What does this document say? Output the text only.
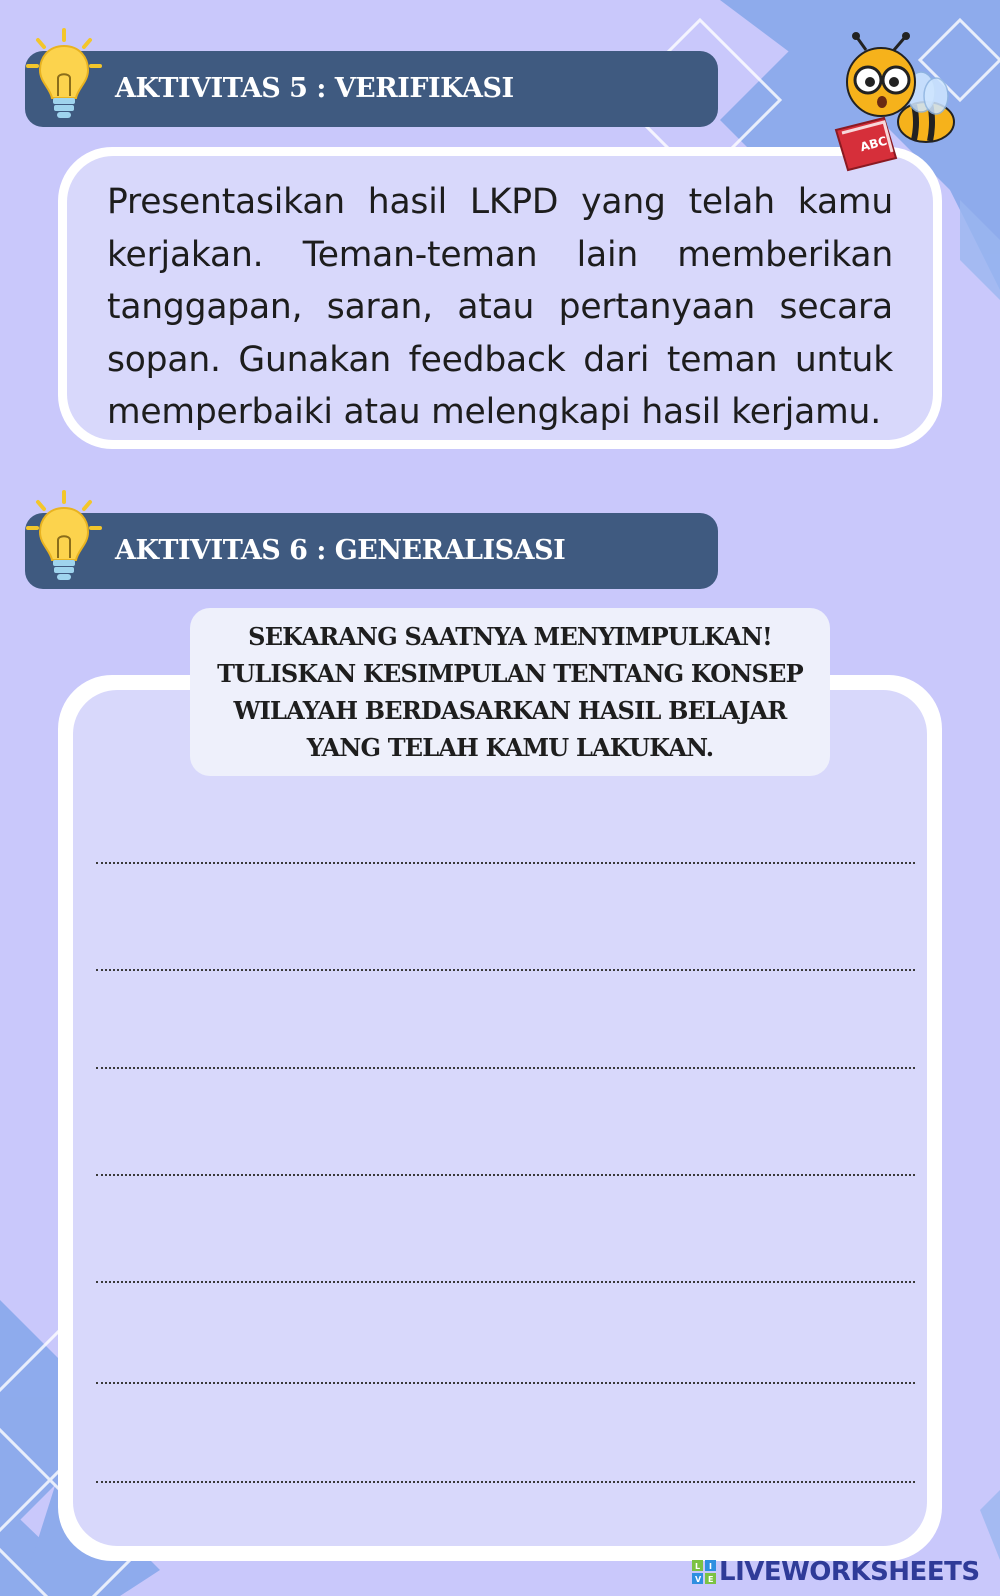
AKTIVITAS 5 : VERIFIKASI
ABC

Presentasikan hasil LKPD yang telah kamu kerjakan. Teman-teman lain memberikan tanggapan, saran, atau pertanyaan secara sopan. Gunakan feedback dari teman untuk memperbaiki atau melengkapi hasil kerjamu.

AKTIVITAS 6 : GENERALISASI
SEKARANG SAATNYA MENYIMPULKAN!
TULISKAN KESIMPULAN TENTANG KONSEP
WILAYAH BERDASARKAN HASIL BELAJAR
YANG TELAH KAMU LAKUKAN.
L I
V E LIVEWORKSHEETS
